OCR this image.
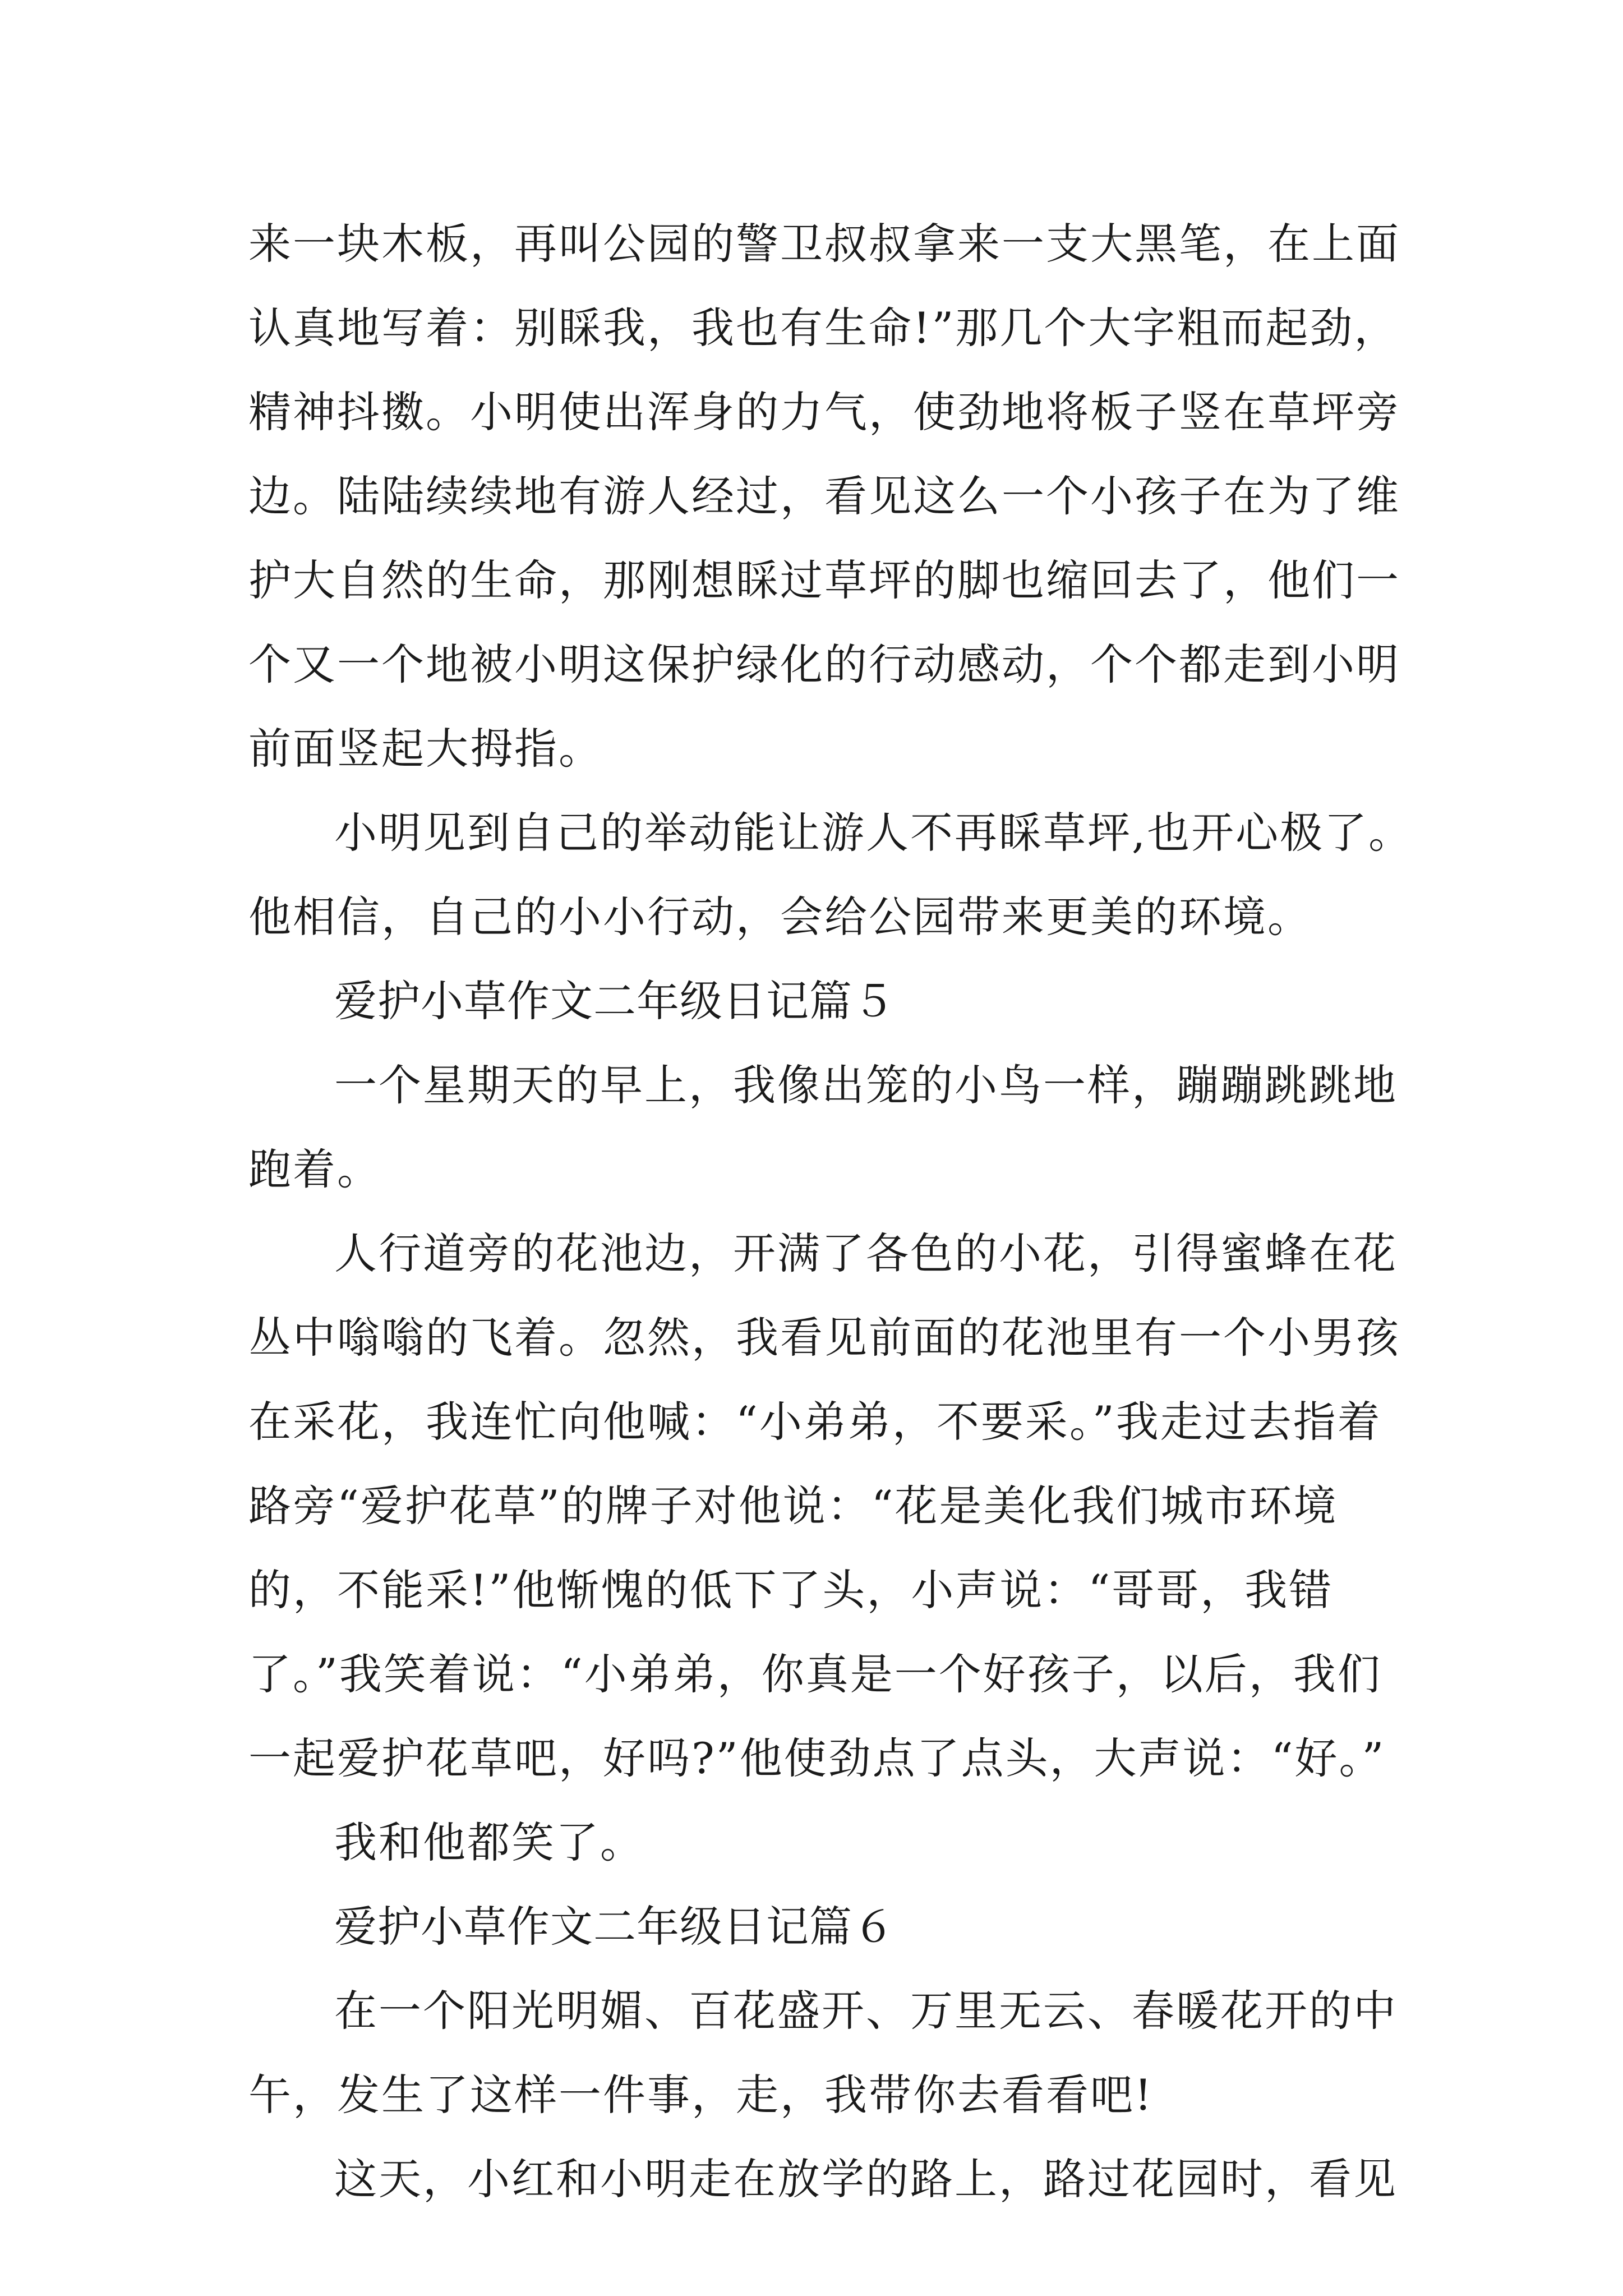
来一块木板，再叫公园的警卫叔叔拿来一支大黑笔，在上面
认真地写着：别睬我，我也有生命!”那几个大字粗而起劲，
精神抖擞。小明使出浑身的力气，使劲地将板子竖在草坪旁
边。陆陆续续地有游人经过，看见这么一个小孩子在为了维
护大自然的生命，那刚想睬过草坪的脚也缩回去了，他们一
个又一个地被小明这保护绿化的行动感动，个个都走到小明
前面竖起大拇指。
小明见到自己的举动能让游人不再睬草坪,也开心极了。
他相信，自己的小小行动，会给公园带来更美的环境。
爱护小草作文二年级日记篇５
一个星期天的早上，我像出笼的小鸟一样，蹦蹦跳跳地
跑着。
人行道旁的花池边，开满了各色的小花，引得蜜蜂在花
丛中嗡嗡的飞着。忽然，我看见前面的花池里有一个小男孩
在采花，我连忙向他喊：“小弟弟，不要采。”我走过去指着
路旁“爱护花草”的牌子对他说：“花是美化我们城市环境
的，不能采!”他惭愧的低下了头，小声说：“哥哥，我错
了。”我笑着说：“小弟弟，你真是一个好孩子，以后，我们
一起爱护花草吧，好吗?”他使劲点了点头，大声说：“好。”
我和他都笑了。
爱护小草作文二年级日记篇６
在一个阳光明媚、百花盛开、万里无云、春暖花开的中
午，发生了这样一件事，走，我带你去看看吧!
这天，小红和小明走在放学的路上，路过花园时，看见
